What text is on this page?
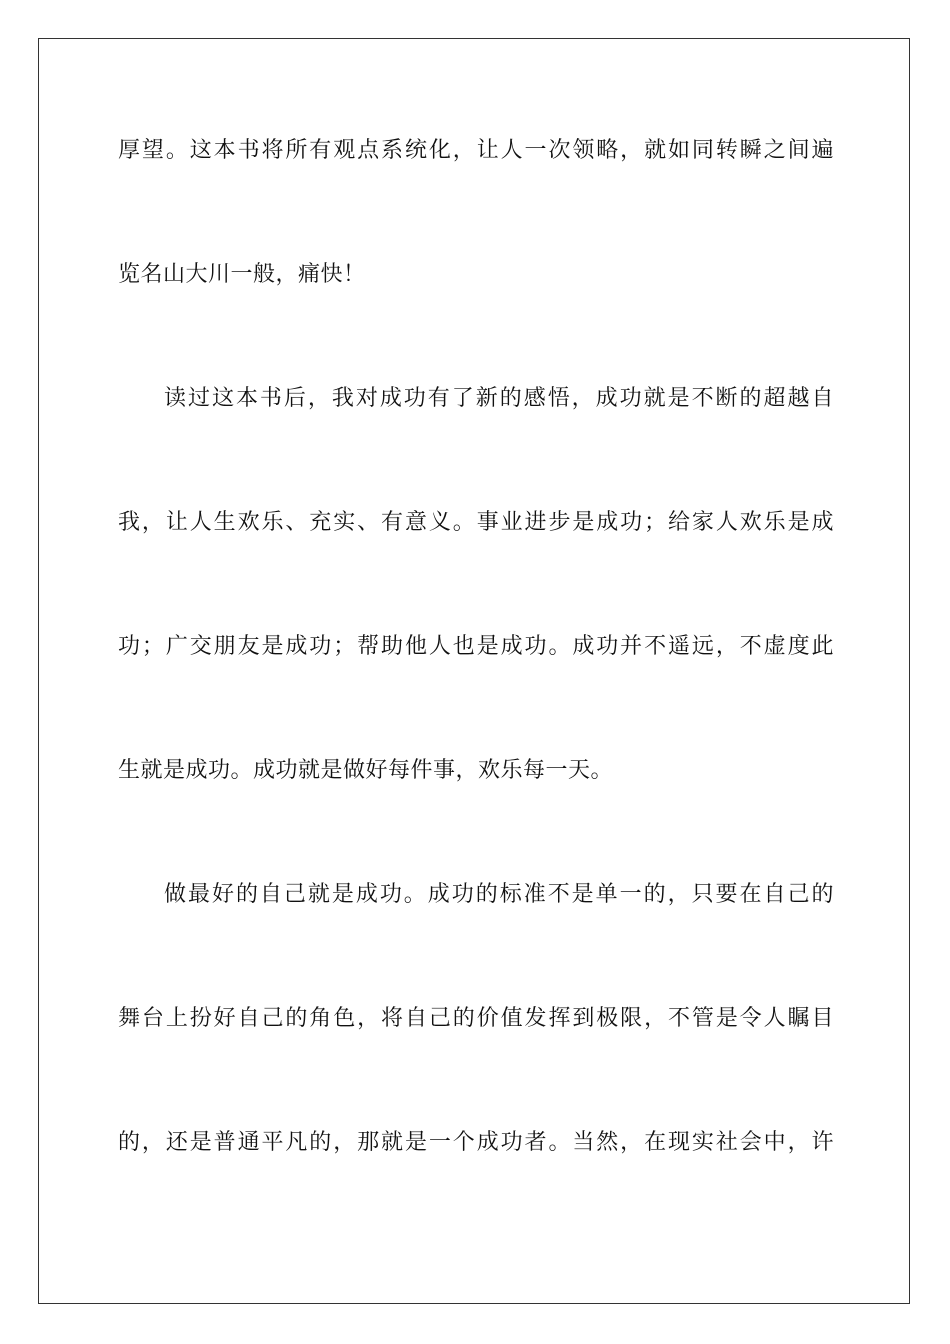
厚望。这本书将所有观点系统化，让人一次领略，就如同转瞬之间遍
览名山大川一般，痛快！
读过这本书后，我对成功有了新的感悟，成功就是不断的超越自
我，让人生欢乐、充实、有意义。事业进步是成功；给家人欢乐是成
功；广交朋友是成功；帮助他人也是成功。成功并不遥远，不虚度此
生就是成功。成功就是做好每件事，欢乐每一天。
做最好的自己就是成功。成功的标准不是单一的，只要在自己的
舞台上扮好自己的角色，将自己的价值发挥到极限，不管是令人瞩目
的，还是普通平凡的，那就是一个成功者。当然，在现实社会中，许
